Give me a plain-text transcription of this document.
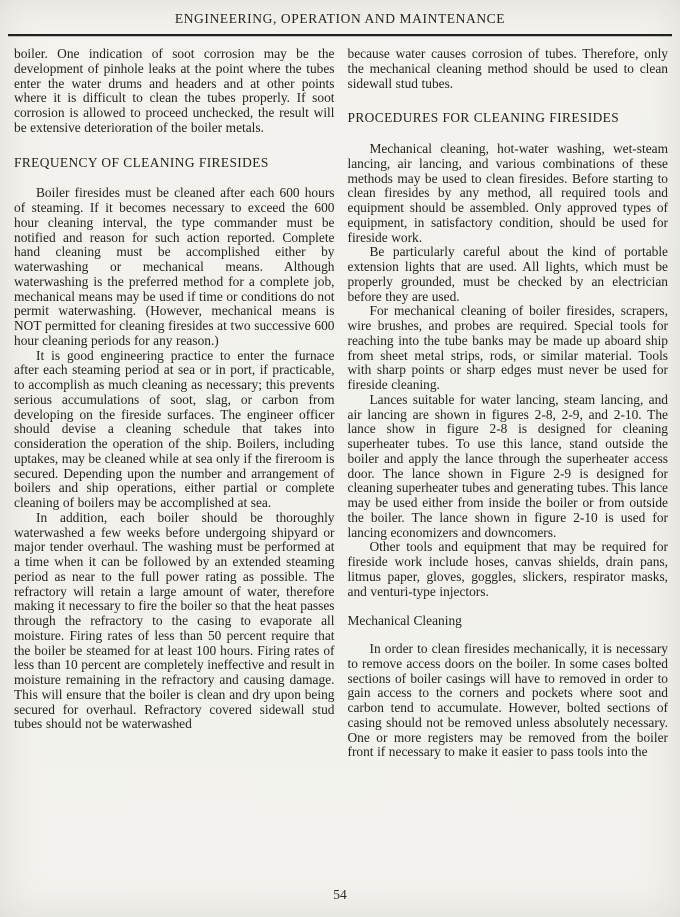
ENGINEERING, OPERATION AND MAINTENANCE

boiler. One indication of soot corrosion may be the development of pinhole leaks at the point where the tubes enter the water drums and headers and at other points where it is difficult to clean the tubes properly. If soot corrosion is allowed to proceed unchecked, the result will be extensive deterioration of the boiler metals.

FREQUENCY OF CLEANING FIRESIDES

Boiler firesides must be cleaned after each 600 hours of steaming. If it becomes necessary to exceed the 600 hour cleaning interval, the type commander must be notified and reason for such action reported. Complete hand cleaning must be accomplished either by waterwashing or mechanical means. Although waterwashing is the preferred method for a complete job, mechanical means may be used if time or conditions do not permit waterwashing. (However, mechanical means is NOT permitted for cleaning firesides at two successive 600 hour cleaning periods for any reason.)

It is good engineering practice to enter the furnace after each steaming period at sea or in port, if practicable, to accomplish as much cleaning as necessary; this prevents serious accumulations of soot, slag, or carbon from developing on the fireside surfaces. The engineer officer should devise a cleaning schedule that takes into consideration the operation of the ship. Boilers, including uptakes, may be cleaned while at sea only if the fireroom is secured. Depending upon the number and arrangement of boilers and ship operations, either partial or complete cleaning of boilers may be accomplished at sea.

In addition, each boiler should be thoroughly waterwashed a few weeks before undergoing shipyard or major tender overhaul. The washing must be performed at a time when it can be followed by an extended steaming period as near to the full power rating as possible. The refractory will retain a large amount of water, therefore making it necessary to fire the boiler so that the heat passes through the refractory to the casing to evaporate all moisture. Firing rates of less than 50 percent require that the boiler be steamed for at least 100 hours. Firing rates of less than 10 percent are completely ineffective and result in moisture remaining in the refractory and causing damage. This will ensure that the boiler is clean and dry upon being secured for overhaul. Refractory covered sidewall stud tubes should not be waterwashed

because water causes corrosion of tubes. Therefore, only the mechanical cleaning method should be used to clean sidewall stud tubes.

PROCEDURES FOR CLEANING FIRESIDES

Mechanical cleaning, hot-water washing, wet-steam lancing, air lancing, and various combinations of these methods may be used to clean firesides. Before starting to clean firesides by any method, all required tools and equipment should be assembled. Only approved types of equipment, in satisfactory condition, should be used for fireside work.

Be particularly careful about the kind of portable extension lights that are used. All lights, which must be properly grounded, must be checked by an electrician before they are used.

For mechanical cleaning of boiler firesides, scrapers, wire brushes, and probes are required. Special tools for reaching into the tube banks may be made up aboard ship from sheet metal strips, rods, or similar material. Tools with sharp points or sharp edges must never be used for fireside cleaning.

Lances suitable for water lancing, steam lancing, and air lancing are shown in figures 2-8, 2-9, and 2-10. The lance show in figure 2-8 is designed for cleaning superheater tubes. To use this lance, stand outside the boiler and apply the lance through the superheater access door. The lance shown in Figure 2-9 is designed for cleaning superheater tubes and generating tubes. This lance may be used either from inside the boiler or from outside the boiler. The lance shown in figure 2-10 is used for lancing economizers and downcomers.

Other tools and equipment that may be required for fireside work include hoses, canvas shields, drain pans, litmus paper, gloves, goggles, slickers, respirator masks, and venturi-type injectors.

Mechanical Cleaning

In order to clean firesides mechanically, it is necessary to remove access doors on the boiler. In some cases bolted sections of boiler casings will have to removed in order to gain access to the corners and pockets where soot and carbon tend to accumulate. However, bolted sections of casing should not be removed unless absolutely necessary. One or more registers may be removed from the boiler front if necessary to make it easier to pass tools into the

54
